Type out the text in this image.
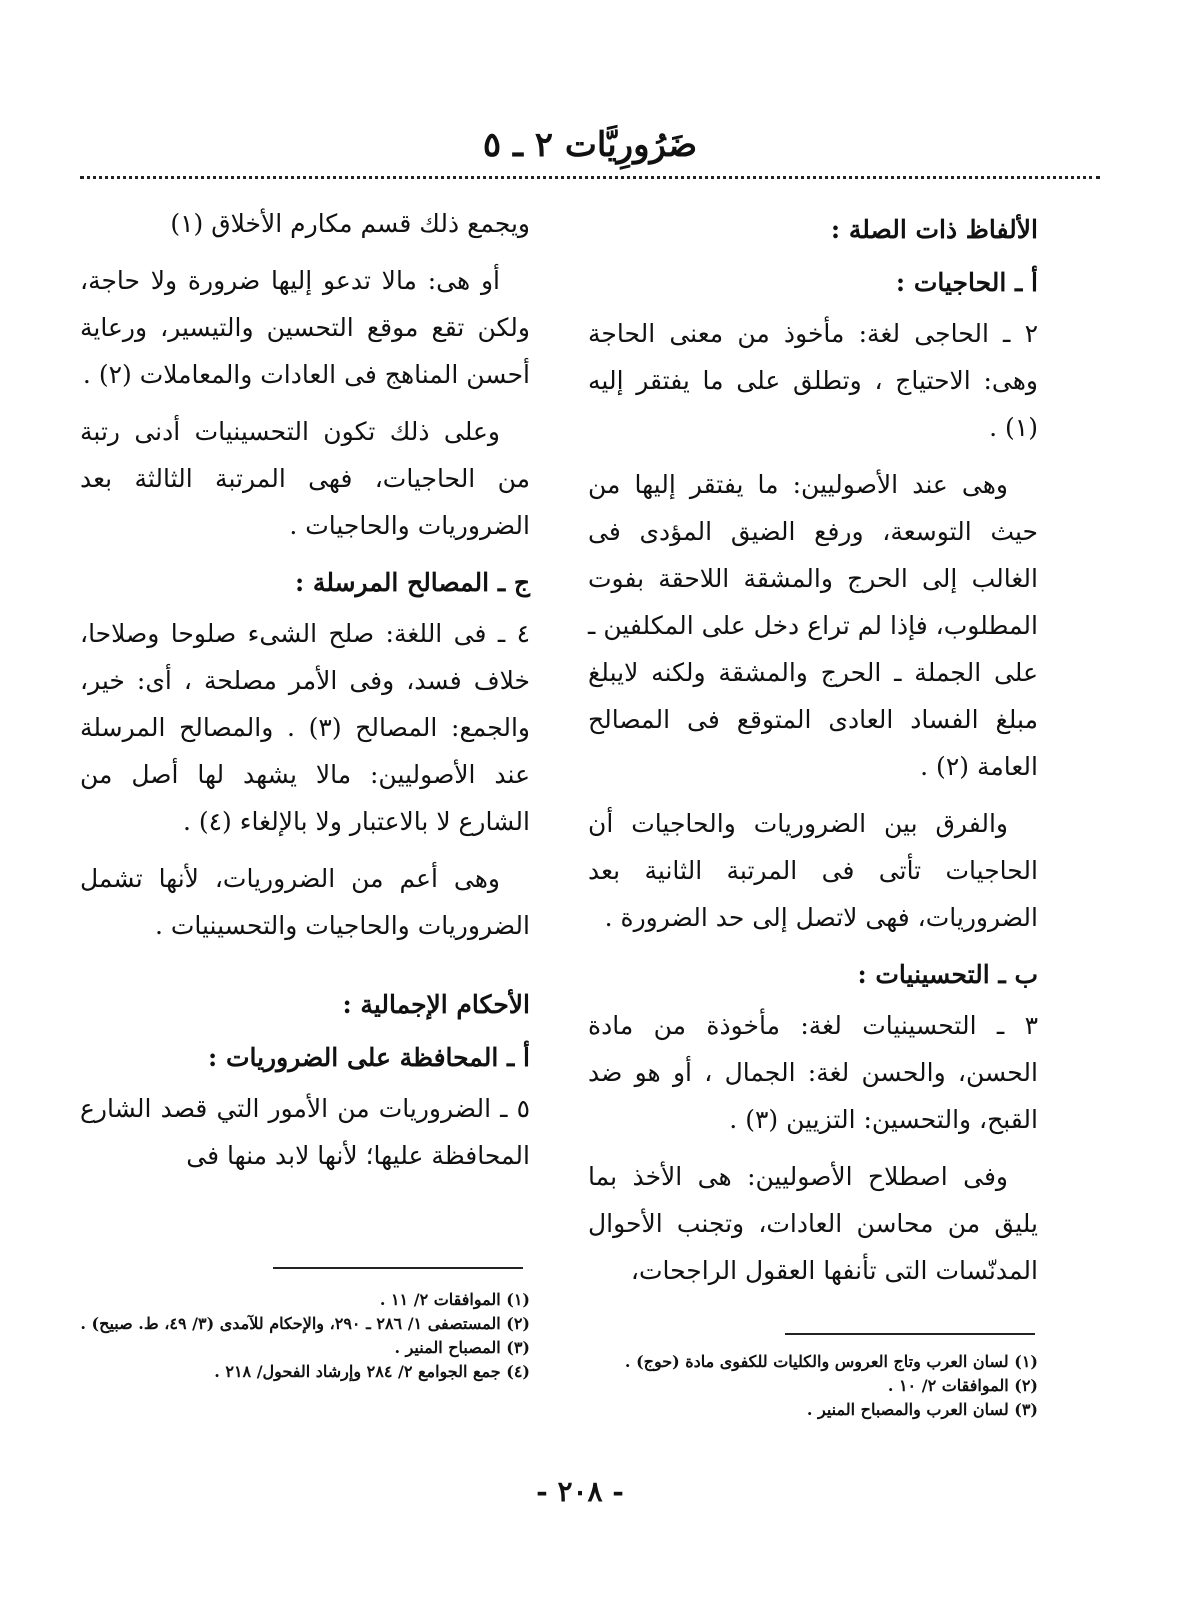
ضَرُورِيَّات ٢ ـ ٥
الألفاظ ذات الصلة :
أ ـ الحاجيات :

٢ ـ الحاجى لغة: مأخوذ من معنى الحاجة وهى: الاحتياج ، وتطلق على ما يفتقر إليه (١) .

وهى عند الأصوليين: ما يفتقر إليها من حيث التوسعة، ورفع الضيق المؤدى فى الغالب إلى الحرج والمشقة اللاحقة بفوت المطلوب، فإذا لم تراع دخل على المكلفين ـ على الجملة ـ الحرج والمشقة ولكنه لايبلغ مبلغ الفساد العادى المتوقع فى المصالح العامة (٢) .

والفرق بين الضروريات والحاجيات أن الحاجيات تأتى فى المرتبة الثانية بعد الضروريات، فهى لاتصل إلى حد الضرورة .

ب ـ التحسينيات :

٣ ـ التحسينيات لغة: مأخوذة من مادة الحسن، والحسن لغة: الجمال ، أو هو ضد القبح، والتحسين: التزيين (٣) .

وفى اصطلاح الأصوليين: هى الأخذ بما يليق من محاسن العادات، وتجنب الأحوال المدنّسات التى تأنفها العقول الراجحات،

ويجمع ذلك قسم مكارم الأخلاق (١)

أو هى: مالا تدعو إليها ضرورة ولا حاجة، ولكن تقع موقع التحسين والتيسير، ورعاية أحسن المناهج فى العادات والمعاملات (٢) .

وعلى ذلك تكون التحسينيات أدنى رتبة من الحاجيات، فهى المرتبة الثالثة بعد الضروريات والحاجيات .

ج ـ المصالح المرسلة :

٤ ـ فى اللغة: صلح الشىء صلوحا وصلاحا، خلاف فسد، وفى الأمر مصلحة ، أى: خير، والجمع: المصالح (٣) . والمصالح المرسلة عند الأصوليين: مالا يشهد لها أصل من الشارع لا بالاعتبار ولا بالإلغاء (٤) .

وهى أعم من الضروريات، لأنها تشمل الضروريات والحاجيات والتحسينيات .

الأحكام الإجمالية :
أ ـ المحافظة على الضروريات :

٥ ـ الضروريات من الأمور التي قصد الشارع المحافظة عليها؛ لأنها لابد منها فى

(١) لسان العرب وتاج العروس والكليات للكفوى مادة (حوج) .
(٢) الموافقات ٢/ ١٠ .
(٣) لسان العرب والمصباح المنير .
(١) الموافقات ٢/ ١١ .
(٢) المستصفى ١/ ٢٨٦ ـ ٢٩٠، والإحكام للآمدى (٣/ ٤٩، ط. صبيح) .
(٣) المصباح المنير .
(٤) جمع الجوامع ٢/ ٢٨٤ وإرشاد الفحول/ ٢١٨ .
- ٢٠٨ -
